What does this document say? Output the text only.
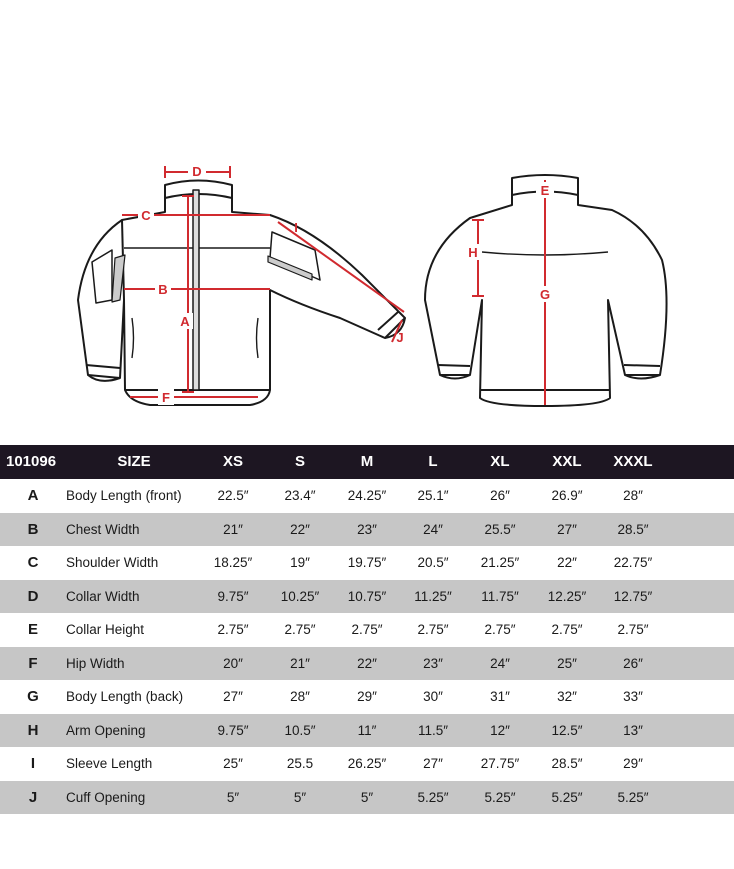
D
C
I
B
A
F
J
E
H
G
101096	SIZE	XS	S	M	L	XL	XXL	XXXL
A	Body Length (front)	22.5″	23.4″	24.25″	25.1″	26″	26.9″	28″
B	Chest Width	21″	22″	23″	24″	25.5″	27″	28.5″
C	Shoulder Width	18.25″	19″	19.75″	20.5″	21.25″	22″	22.75″
D	Collar Width	9.75″	10.25″	10.75″	11.25″	11.75″	12.25″	12.75″
E	Collar Height	2.75″	2.75″	2.75″	2.75″	2.75″	2.75″	2.75″
F	Hip Width	20″	21″	22″	23″	24″	25″	26″
G	Body Length (back)	27″	28″	29″	30″	31″	32″	33″
H	Arm Opening	9.75″	10.5″	11″	11.5″	12″	12.5″	13″
I	Sleeve Length	25″	25.5	26.25″	27″	27.75″	28.5″	29″
J	Cuff Opening	5″	5″	5″	5.25″	5.25″	5.25″	5.25″
